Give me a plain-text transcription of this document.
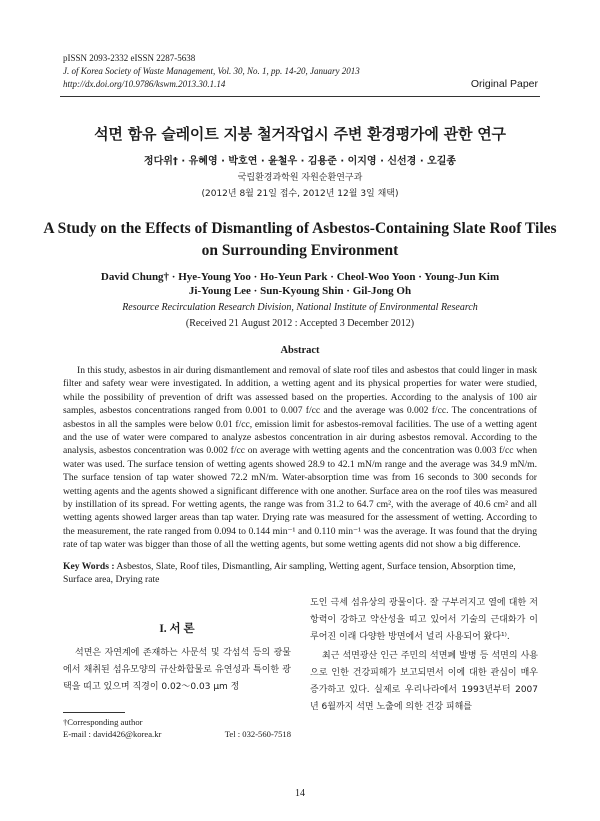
pISSN 2093-2332 eISSN 2287-5638
J. of Korea Society of Waste Management, Vol. 30, No. 1, pp. 14-20, January 2013
http://dx.doi.org/10.9786/kswm.2013.30.1.14	Original Paper
석면 함유 슬레이트 지붕 철거작업시 주변 환경평가에 관한 연구
정다위† · 유혜영 · 박호연 · 윤철우 · 김용준 · 이지영 · 신선경 · 오길종
국립환경과학원 자원순환연구과
(2012년 8월 21일 접수, 2012년 12월 3일 채택)
A Study on the Effects of Dismantling of Asbestos-Containing Slate Roof Tiles on Surrounding Environment
David Chung† · Hye-Young Yoo · Ho-Yeun Park · Cheol-Woo Yoon · Young-Jun Kim
Ji-Young Lee · Sun-Kyoung Shin · Gil-Jong Oh
Resource Recirculation Research Division, National Institute of Environmental Research
(Received 21 August 2012 : Accepted 3 December 2012)
Abstract
In this study, asbestos in air during dismantlement and removal of slate roof tiles and asbestos that could linger in mask filter and safety wear were investigated. In addition, a wetting agent and its physical properties for water were studied, while the possibility of prevention of drift was assessed based on the properties. According to the analysis of 100 air samples, asbestos concentrations ranged from 0.001 to 0.007 f/cc and the average was 0.002 f/cc. The concentrations of asbestos in all the samples were below 0.01 f/cc, emission limit for asbestos-removal facilities. The use of a wetting agent and the use of water were compared to analyze asbestos concentration in air during asbestos removal. According to the analysis, asbestos concentration was 0.002 f/cc on average with wetting agents and the concentration was 0.003 f/cc when water was used. The surface tension of wetting agents showed 28.9 to 42.1 mN/m range and the average was 34.9 mN/m. The surface tension of tap water showed 72.2 mN/m. Water-absorption time was from 16 seconds to 300 seconds for wetting agents and the agents showed a significant difference with one another. Surface area on the roof tiles was measured by instillation of its spread. For wetting agents, the range was from 31.2 to 64.7 cm², with the average of 40.6 cm² and all wetting agents showed larger areas than tap water. Drying rate was measured for the assessment of wetting. According to the measurement, the rate ranged from 0.094 to 0.144 min⁻¹ and 0.110 min⁻¹ was the average. It was found that the drying rate of tap water was bigger than those of all the wetting agents, but some wetting agents did not show a big difference.
Key Words : Asbestos, Slate, Roof tiles, Dismantling, Air sampling, Wetting agent, Surface tension, Absorption time, Surface area, Drying rate
I. 서 론
석면은 자연계에 존재하는 사문석 및 각섬석 등의 광물에서 채취된 섬유모양의 규산화합물로 유연성과 특이한 광택을 띠고 있으며 직경이 0.02～0.03 μm 정

도인 극세 섬유상의 광물이다. 잘 구부러지고 열에 대한 저항력이 강하고 약산성을 띠고 있어서 기술의 근대화가 이루어진 이래 다양한 방면에서 널리 사용되어 왔다¹⁾.

최근 석면광산 인근 주민의 석면폐 발병 등 석면의 사용으로 인한 건강피해가 보고되면서 이에 대한 관심이 매우 증가하고 있다. 실제로 우리나라에서 1993년부터 2007년 6월까지 석면 노출에 의한 건강 피해를

†Corresponding author
E-mail : david426@korea.kr	Tel : 032-560-7518
14
